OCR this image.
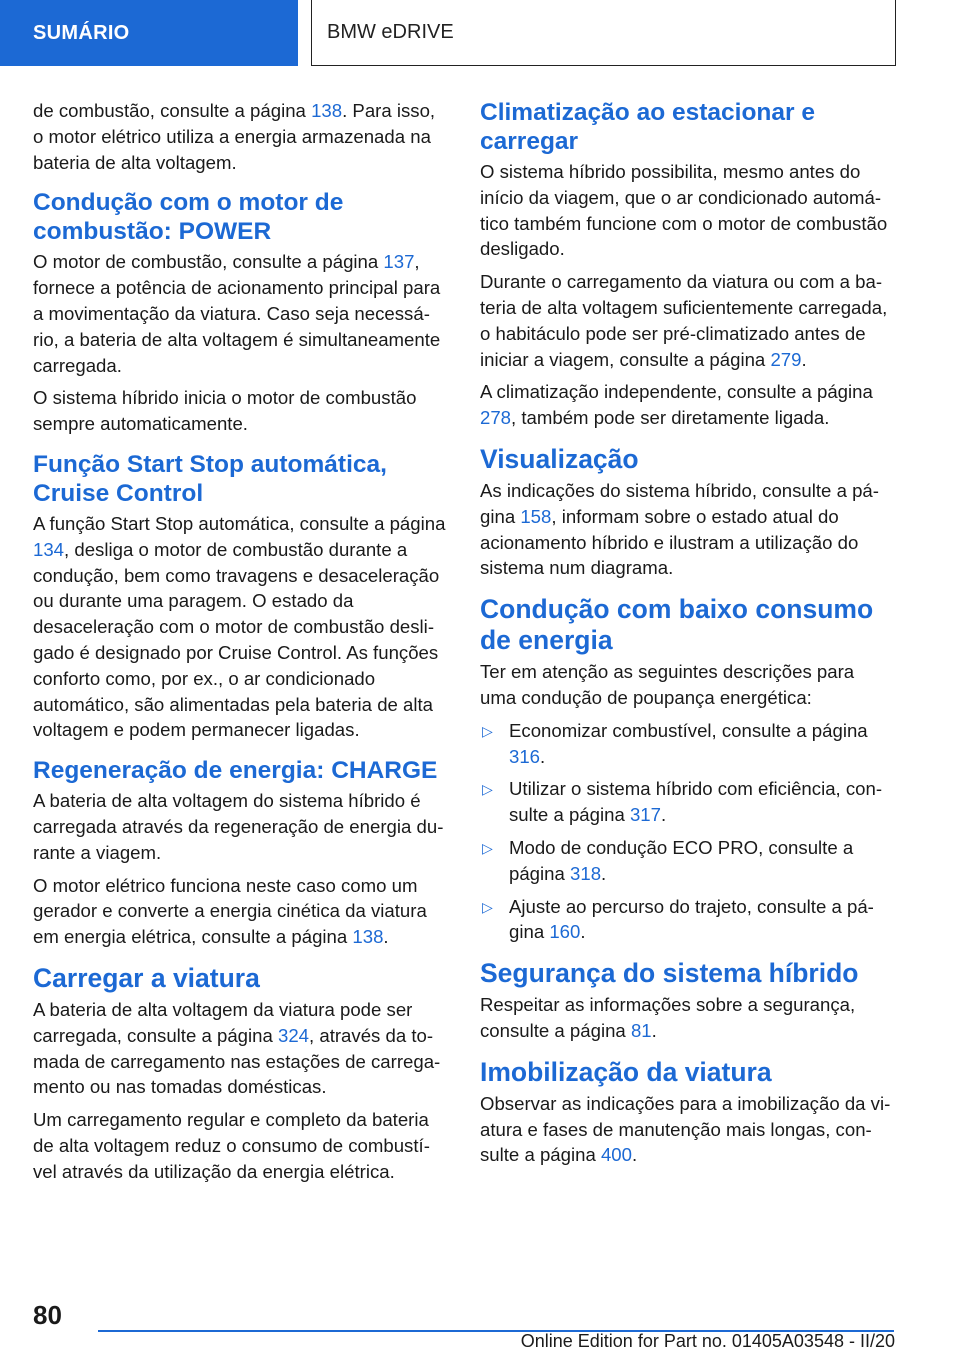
SUMÁRIO	BMW eDRIVE

de combustão, consulte a página 138. Para isso, o motor elétrico utiliza a energia armazenada na bateria de alta voltagem.

Condução com o motor de combustão: POWER

O motor de combustão, consulte a página 137, fornece a potência de acionamento principal para a movimentação da viatura. Caso seja necessário, a bateria de alta voltagem é simultaneamente carregada.

O sistema híbrido inicia o motor de combustão sempre automaticamente.

Função Start Stop automática, Cruise Control

A função Start Stop automática, consulte a página 134, desliga o motor de combustão durante a condução, bem como travagens e desaceleração ou durante uma paragem. O estado da desaceleração com o motor de combustão desligado é designado por Cruise Control. As funções conforto como, por ex., o ar condicionado automático, são alimentadas pela bateria de alta voltagem e podem permanecer ligadas.

Regeneração de energia: CHARGE

A bateria de alta voltagem do sistema híbrido é carregada através da regeneração de energia durante a viagem.

O motor elétrico funciona neste caso como um gerador e converte a energia cinética da viatura em energia elétrica, consulte a página 138.

Carregar a viatura

A bateria de alta voltagem da viatura pode ser carregada, consulte a página 324, através da tomada de carregamento nas estações de carregamento ou nas tomadas domésticas.

Um carregamento regular e completo da bateria de alta voltagem reduz o consumo de combustível através da utilização da energia elétrica.

Climatização ao estacionar e carregar

O sistema híbrido possibilita, mesmo antes do início da viagem, que o ar condicionado automático também funcione com o motor de combustão desligado.

Durante o carregamento da viatura ou com a bateria de alta voltagem suficientemente carregada, o habitáculo pode ser pré-climatizado antes de iniciar a viagem, consulte a página 279.

A climatização independente, consulte a página 278, também pode ser diretamente ligada.

Visualização

As indicações do sistema híbrido, consulte a página 158, informam sobre o estado atual do acionamento híbrido e ilustram a utilização do sistema num diagrama.

Condução com baixo consumo de energia

Ter em atenção as seguintes descrições para uma condução de poupança energética:

▷ Economizar combustível, consulte a página 316.
▷ Utilizar o sistema híbrido com eficiência, consulte a página 317.
▷ Modo de condução ECO PRO, consulte a página 318.
▷ Ajuste ao percurso do trajeto, consulte a página 160.
Segurança do sistema híbrido

Respeitar as informações sobre a segurança, consulte a página 81.

Imobilização da viatura

Observar as indicações para a imobilização da viatura e fases de manutenção mais longas, consulte a página 400.

80
Online Edition for Part no. 01405A03548 - II/20
